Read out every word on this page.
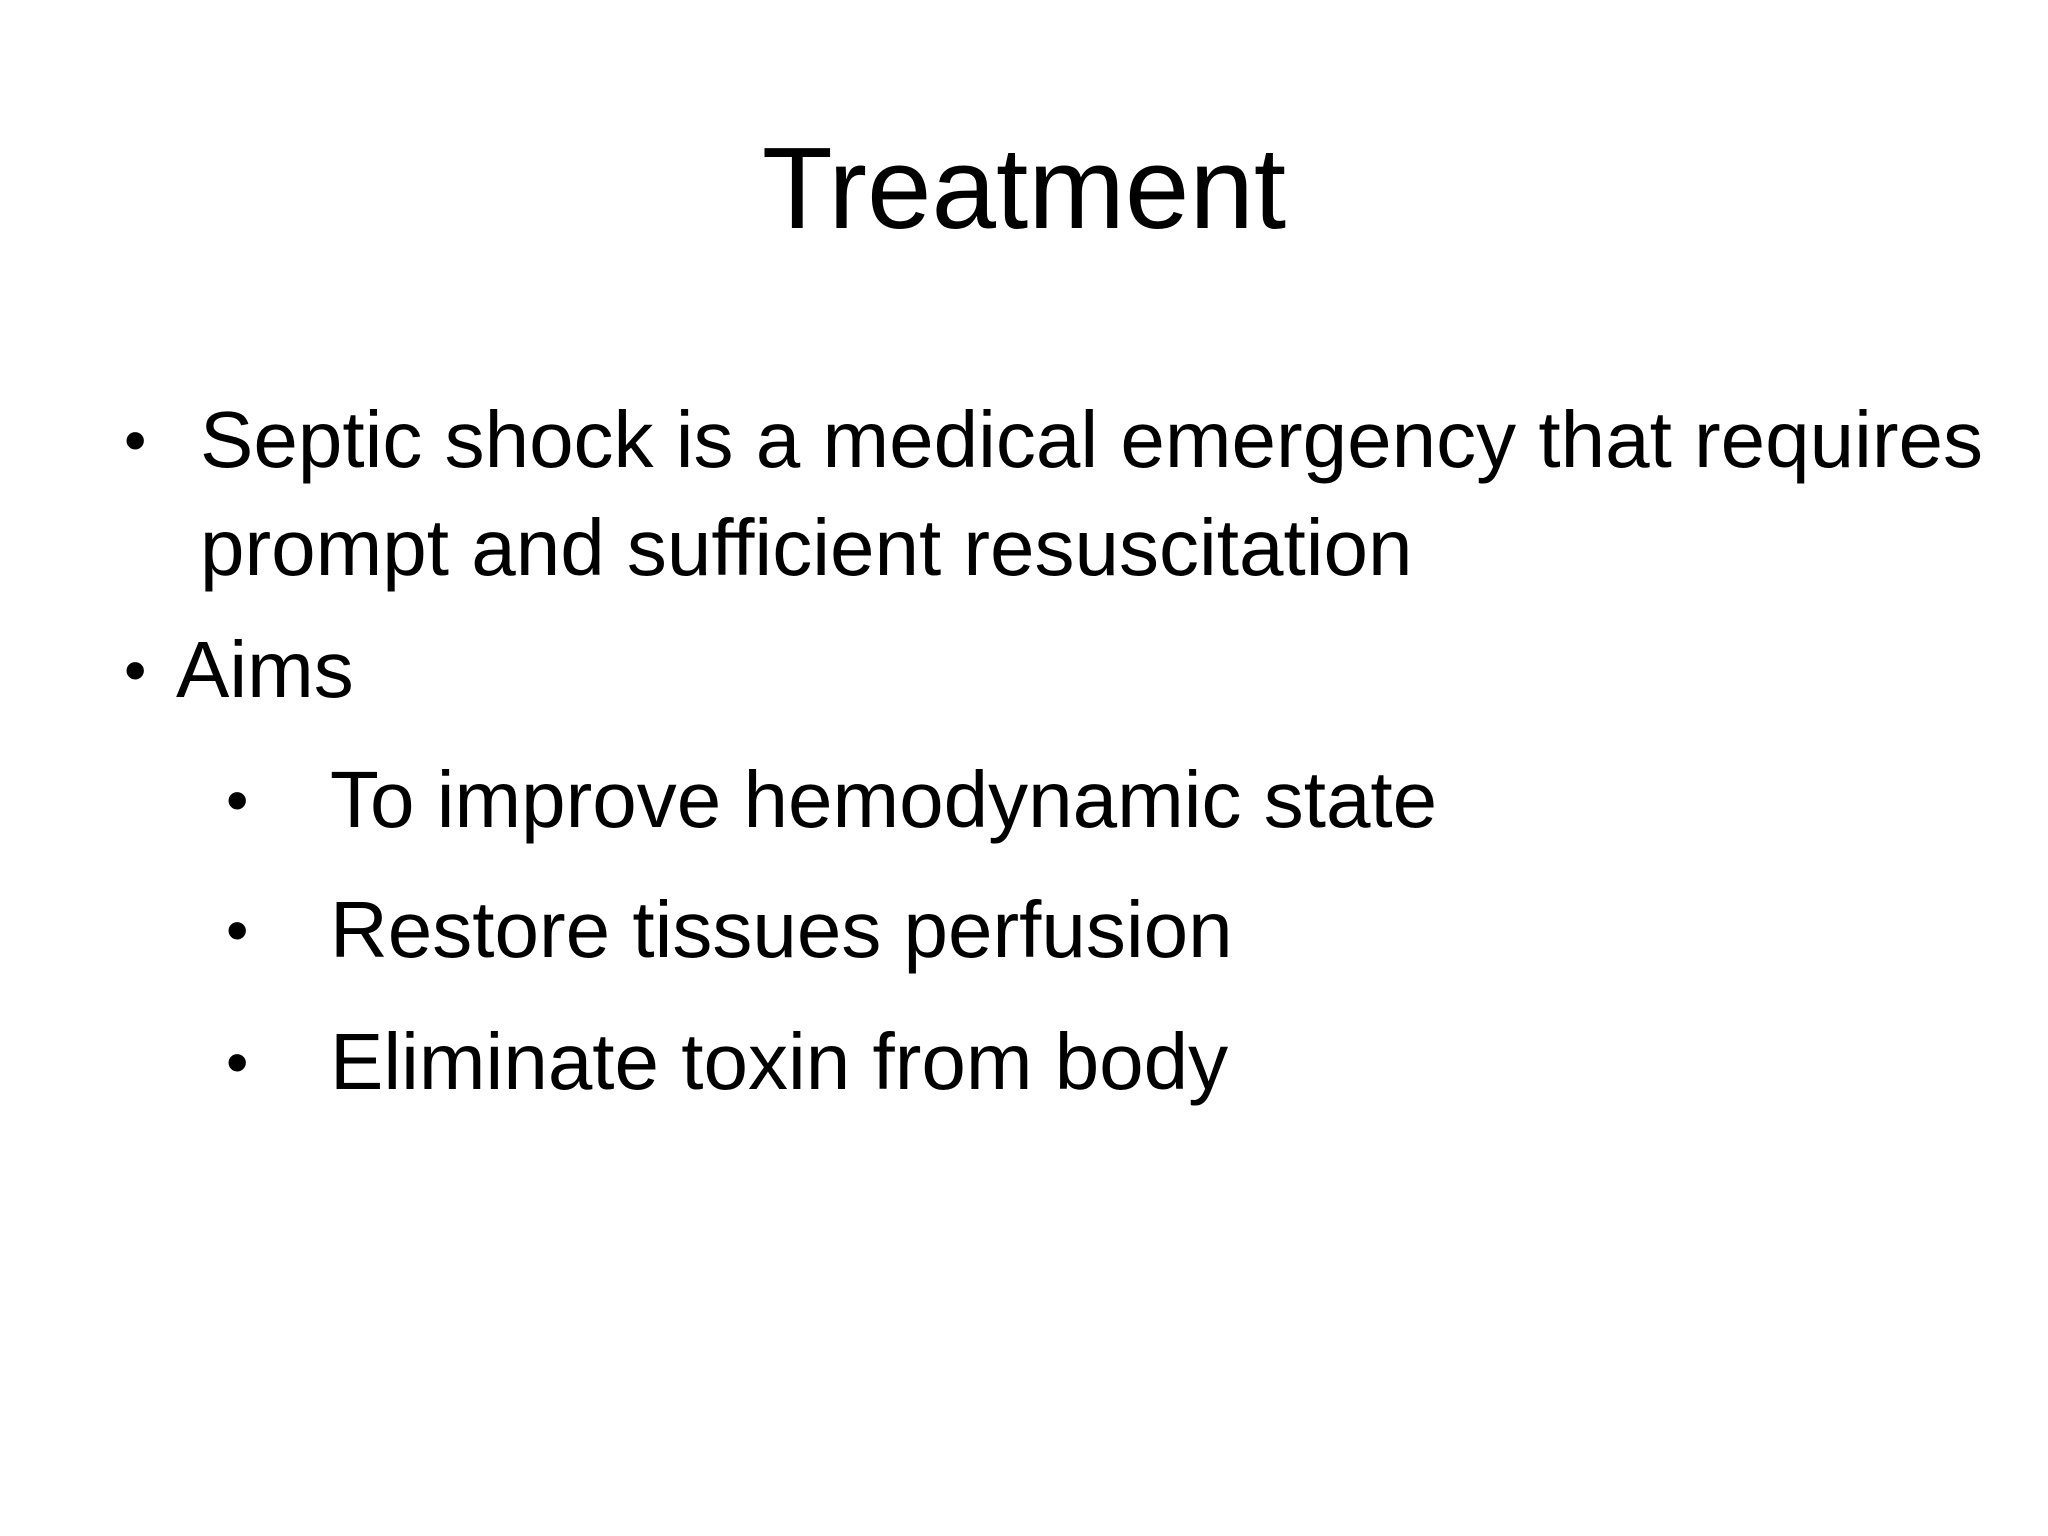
Treatment
• Septic shock is a medical emergency that requires
prompt and sufficient resuscitation
• Aims
• To improve hemodynamic state
• Restore tissues perfusion
• Eliminate toxin from body
